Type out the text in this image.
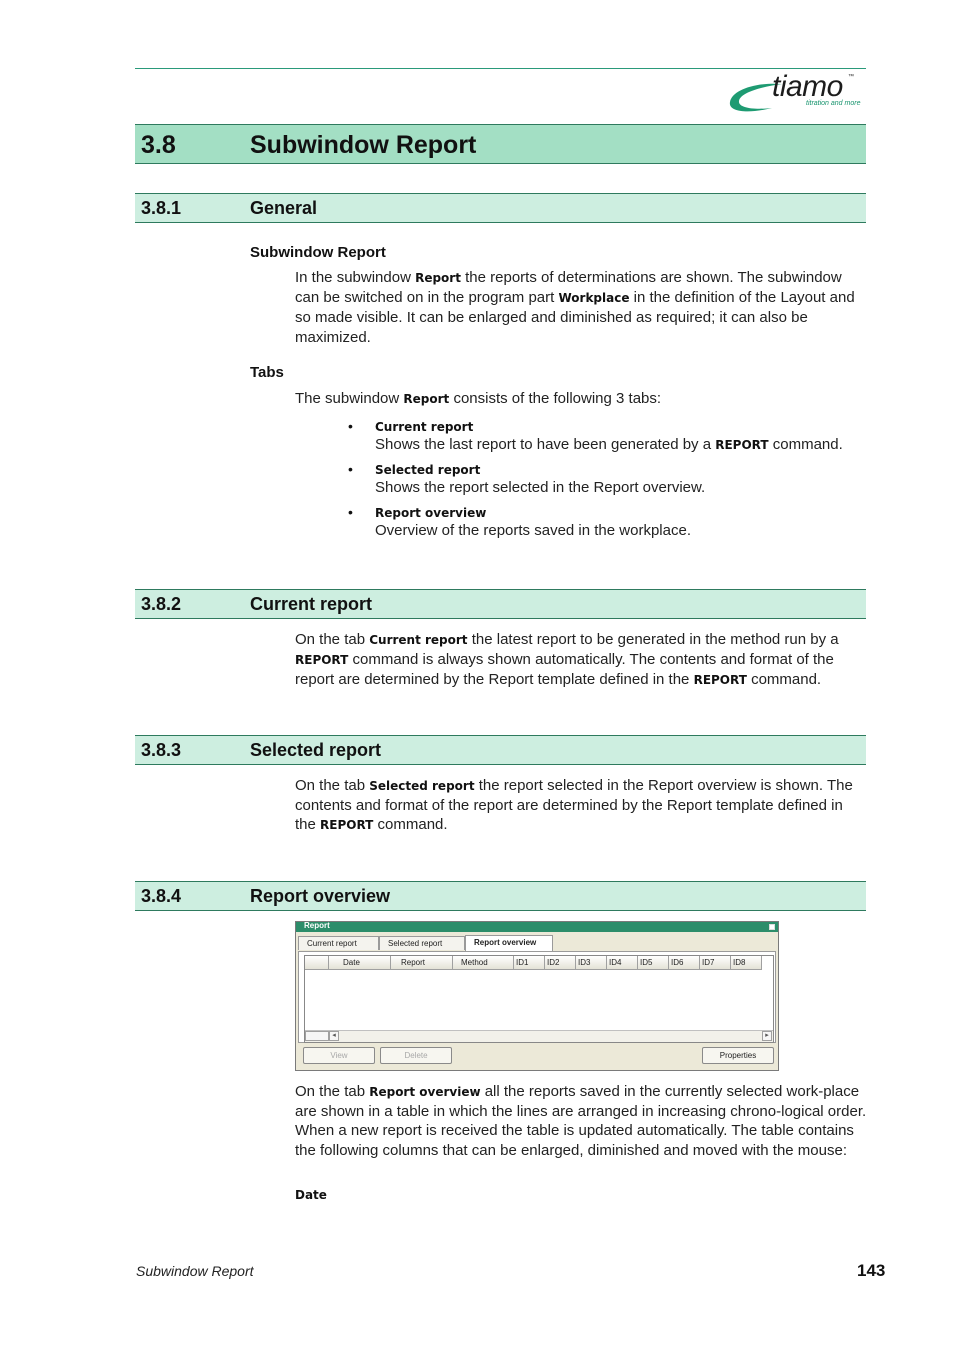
tiamo ™
titration and more
3.8	Subwindow Report
3.8.1	General
Subwindow Report
In the subwindow Report the reports of determinations are shown. The subwindow can be switched on in the program part Workplace in the definition of the Layout and so made visible. It can be enlarged and diminished as required; it can also be maximized.
Tabs
The subwindow Report consists of the following 3 tabs:
• Current report
Shows the last report to have been generated by a REPORT command.
• Selected report
Shows the report selected in the Report overview.
• Report overview
Overview of the reports saved in the workplace.
3.8.2	Current report
On the tab Current report the latest report to be generated in the method run by a REPORT command is always shown automatically. The contents and format of the report are determined by the Report template defined in the REPORT command.
3.8.3	Selected report
On the tab Selected report the report selected in the Report overview is shown. The contents and format of the report are determined by the Report template defined in the REPORT command.
3.8.4	Report overview
Report
Current report	Selected report	Report overview
Date	Report	Method	ID1	ID2	ID3	ID4	ID5	ID6	ID7	ID8
◂	▸
View	Delete	Properties
On the tab Report overview all the reports saved in the currently selected work-place are shown in a table in which the lines are arranged in increasing chrono-logical order. When a new report is received the table is updated automatically. The table contains the following columns that can be enlarged, diminished and moved with the mouse:
Date
Subwindow Report	143
